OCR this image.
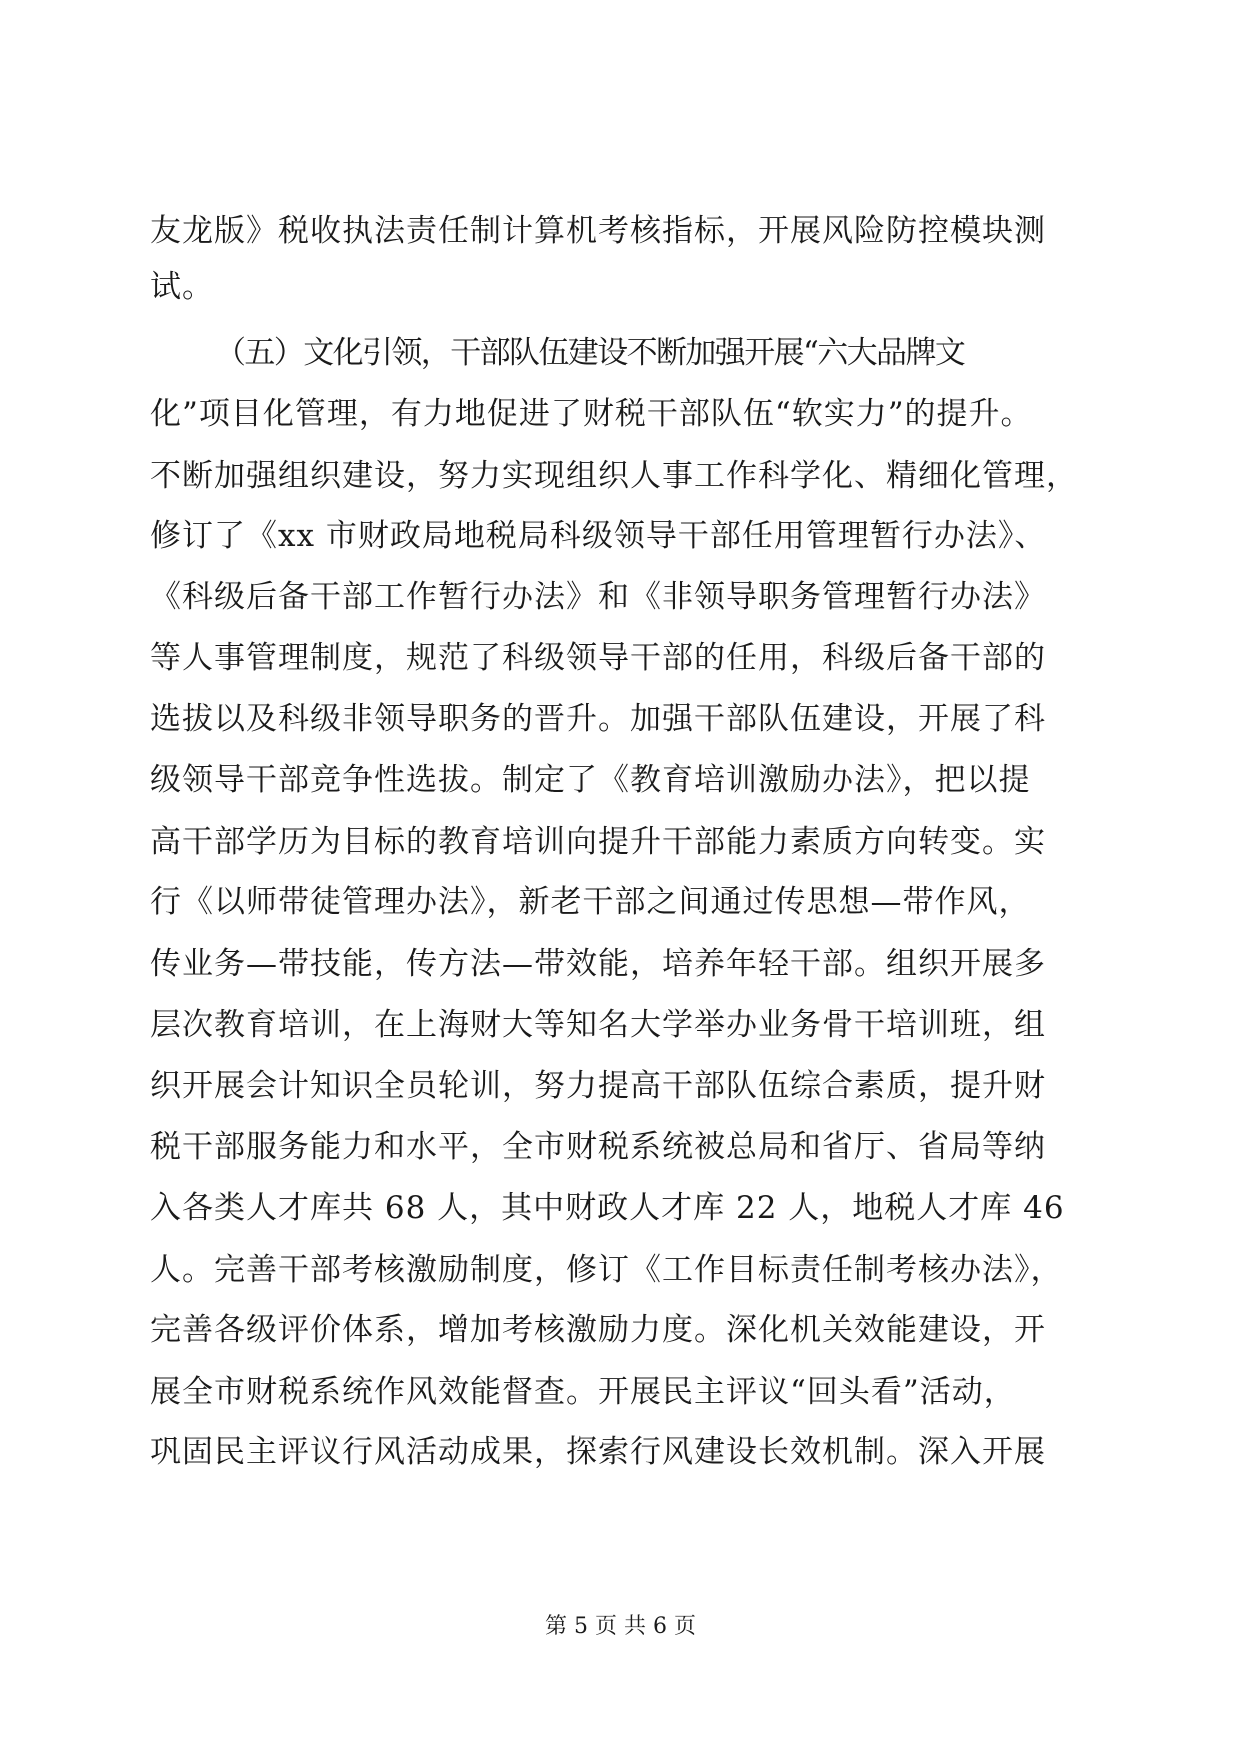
友龙版》税收执法责任制计算机考核指标，开展风险防控模块测
试。
（五）文化引领，干部队伍建设不断加强开展“六大品牌文
化”项目化管理，有力地促进了财税干部队伍“软实力”的提升。
不断加强组织建设，努力实现组织人事工作科学化、精细化管理，
修订了《xx 市财政局地税局科级领导干部任用管理暂行办法》、
《科级后备干部工作暂行办法》和《非领导职务管理暂行办法》
等人事管理制度，规范了科级领导干部的任用，科级后备干部的
选拔以及科级非领导职务的晋升。加强干部队伍建设，开展了科
级领导干部竞争性选拔。制定了《教育培训激励办法》，把以提
高干部学历为目标的教育培训向提升干部能力素质方向转变。实
行《以师带徒管理办法》，新老干部之间通过传思想—带作风，
传业务—带技能，传方法—带效能，培养年轻干部。组织开展多
层次教育培训，在上海财大等知名大学举办业务骨干培训班，组
织开展会计知识全员轮训，努力提高干部队伍综合素质，提升财
税干部服务能力和水平，全市财税系统被总局和省厅、省局等纳
入各类人才库共 68 人，其中财政人才库 22 人，地税人才库 46
人。完善干部考核激励制度，修订《工作目标责任制考核办法》，
完善各级评价体系，增加考核激励力度。深化机关效能建设，开
展全市财税系统作风效能督查。开展民主评议“回头看”活动，
巩固民主评议行风活动成果，探索行风建设长效机制。深入开展
第 5 页 共 6 页
